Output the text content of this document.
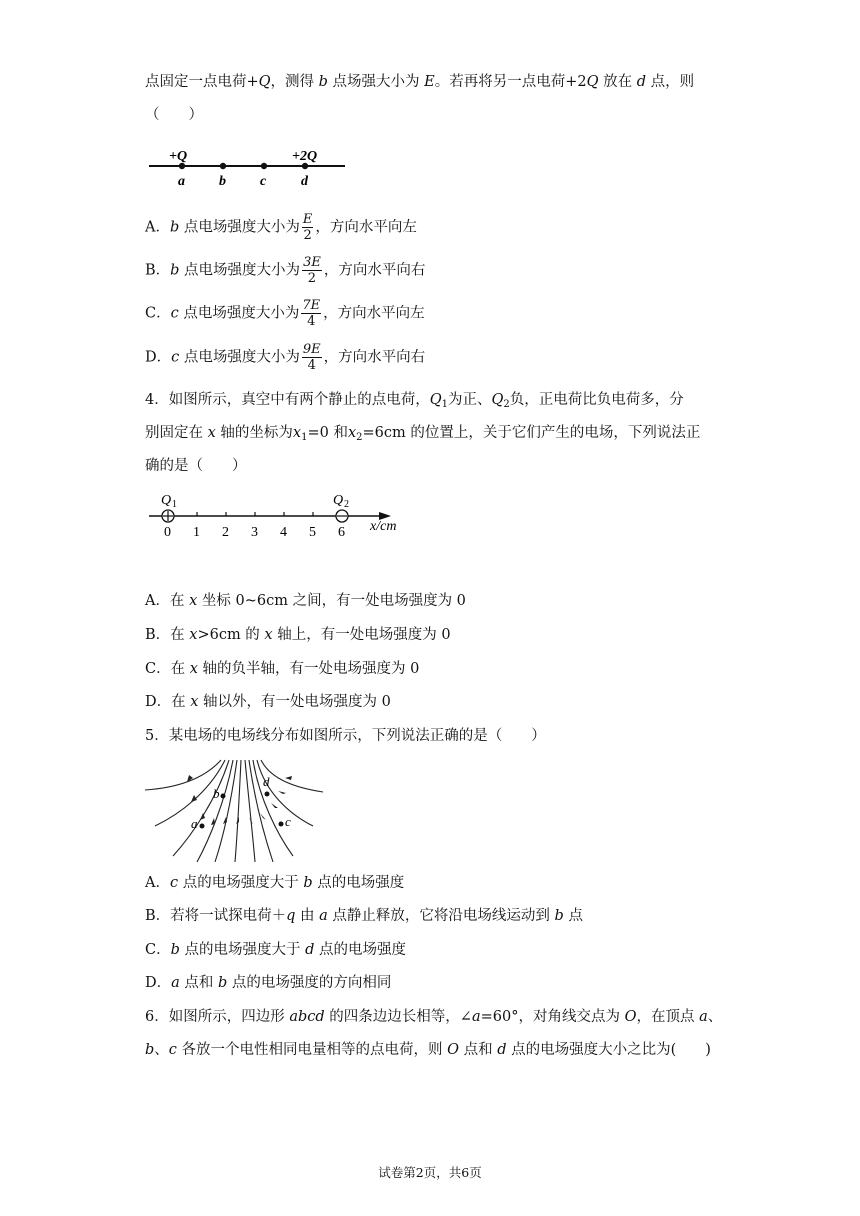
点固定一点电荷+Q，测得 b 点场强大小为 E。若再将另一点电荷+2Q 放在 d 点，则
（　　）
+Q	+2Q
a b c d
A．b 点电场强度大小为 $\frac{E}{2}$ ，方向水平向左
B．b 点电场强度大小为 $\frac{3E}{2}$ ，方向水平向右
C．c 点电场强度大小为 $\frac{7E}{4}$ ，方向水平向左
D．c 点电场强度大小为 $\frac{9E}{4}$ ，方向水平向右
4．如图所示，真空中有两个静止的点电荷，$Q_1$为正、$Q_2$负，正电荷比负电荷多，分
别固定在 x 轴的坐标为$x_1=0$ 和$x_2=6cm$ 的位置上，关于它们产生的电场，下列说法正
确的是（　　）
Q 1	Q 2
0 1 2 3 4 5 6 x/cm
A．在 x 坐标 0~6cm 之间，有一处电场强度为 0
B．在 x>6cm 的 x 轴上，有一处电场强度为 0
C．在 x 轴的负半轴，有一处电场强度为 0
D．在 x 轴以外，有一处电场强度为 0
5．某电场的电场线分布如图所示，下列说法正确的是（　　）
a
b
c
d
A．c 点的电场强度大于 b 点的电场强度
B．若将一试探电荷＋q 由 a 点静止释放，它将沿电场线运动到 b 点
C．b 点的电场强度大于 d 点的电场强度
D．a 点和 b 点的电场强度的方向相同
6．如图所示，四边形 abcd 的四条边边长相等，∠a=60°，对角线交点为 O，在顶点 a、
b、c 各放一个电性相同电量相等的点电荷，则 O 点和 d 点的电场强度大小之比为(　　)
试卷第2页，共6页
